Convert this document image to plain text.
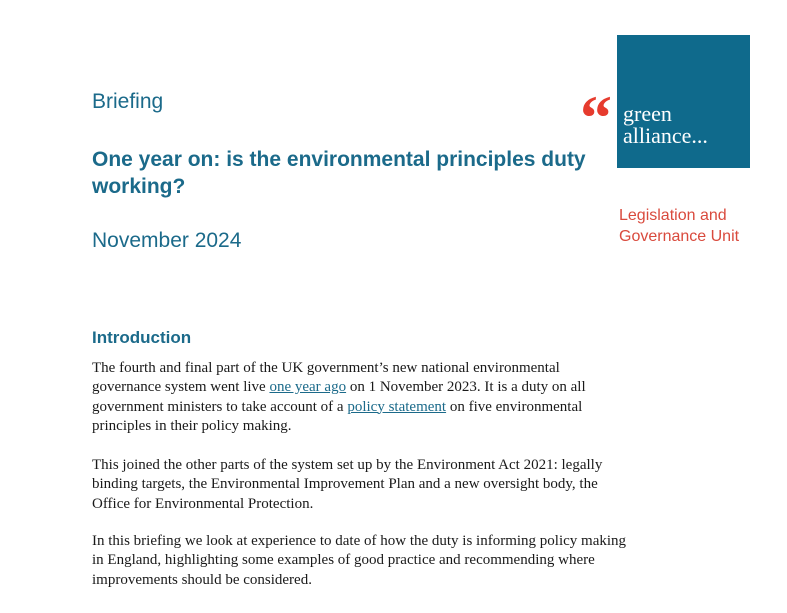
Briefing
One year on: is the environmental principles duty working?
November 2024
“ green
alliance...
Legislation and
Governance Unit
Introduction

The fourth and final part of the UK government’s new national environmental governance system went live one year ago on 1 November 2023. It is a duty on all government ministers to take account of a policy statement on five environmental principles in their policy making.

This joined the other parts of the system set up by the Environment Act 2021: legally binding targets, the Environmental Improvement Plan and a new oversight body, the Office for Environmental Protection.

In this briefing we look at experience to date of how the duty is informing policy making in England, highlighting some examples of good practice and recommending where improvements should be considered.
